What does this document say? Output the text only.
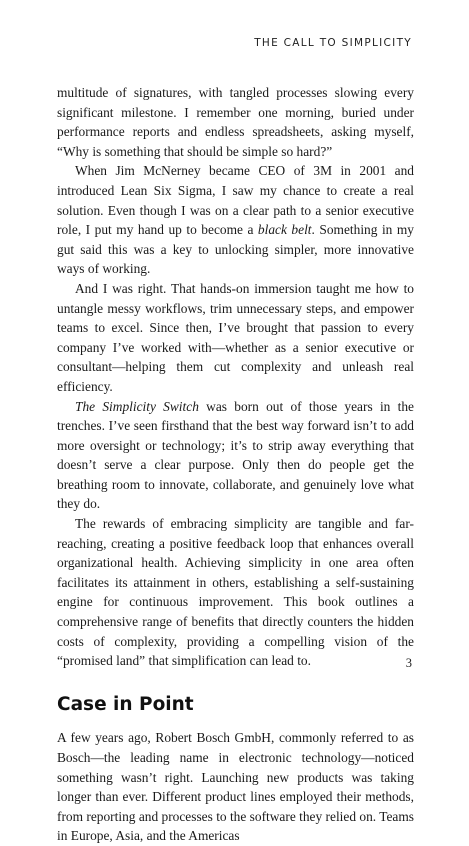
THE CALL TO SIMPLICITY

multitude of signatures, with tangled processes slowing every significant milestone. I remember one morning, buried under performance reports and endless spreadsheets, asking myself, “Why is something that should be simple so hard?”

When Jim McNerney became CEO of 3M in 2001 and introduced Lean Six Sigma, I saw my chance to create a real solution. Even though I was on a clear path to a senior executive role, I put my hand up to become a black belt. Something in my gut said this was a key to unlocking simpler, more innovative ways of working.

And I was right. That hands-on immersion taught me how to untangle messy workflows, trim unnecessary steps, and empower teams to excel. Since then, I’ve brought that passion to every company I’ve worked with—whether as a senior executive or consultant—helping them cut complexity and unleash real efficiency.

The Simplicity Switch was born out of those years in the trenches. I’ve seen firsthand that the best way forward isn’t to add more oversight or technology; it’s to strip away everything that doesn’t serve a clear purpose. Only then do people get the breathing room to innovate, collaborate, and genuinely love what they do.

The rewards of embracing simplicity are tangible and far-reaching, creating a positive feedback loop that enhances overall organizational health. Achieving simplicity in one area often facilitates its attainment in others, establishing a self-sustaining engine for continuous improvement. This book outlines a comprehensive range of benefits that directly counters the hidden costs of complexity, providing a compelling vision of the “promised land” that simplification can lead to.

Case in Point

A few years ago, Robert Bosch GmbH, commonly referred to as Bosch—the leading name in electronic technology—noticed something wasn’t right. Launching new products was taking longer than ever. Different product lines employed their methods, from reporting and processes to the software they relied on. Teams in Europe, Asia, and the Americas

3
